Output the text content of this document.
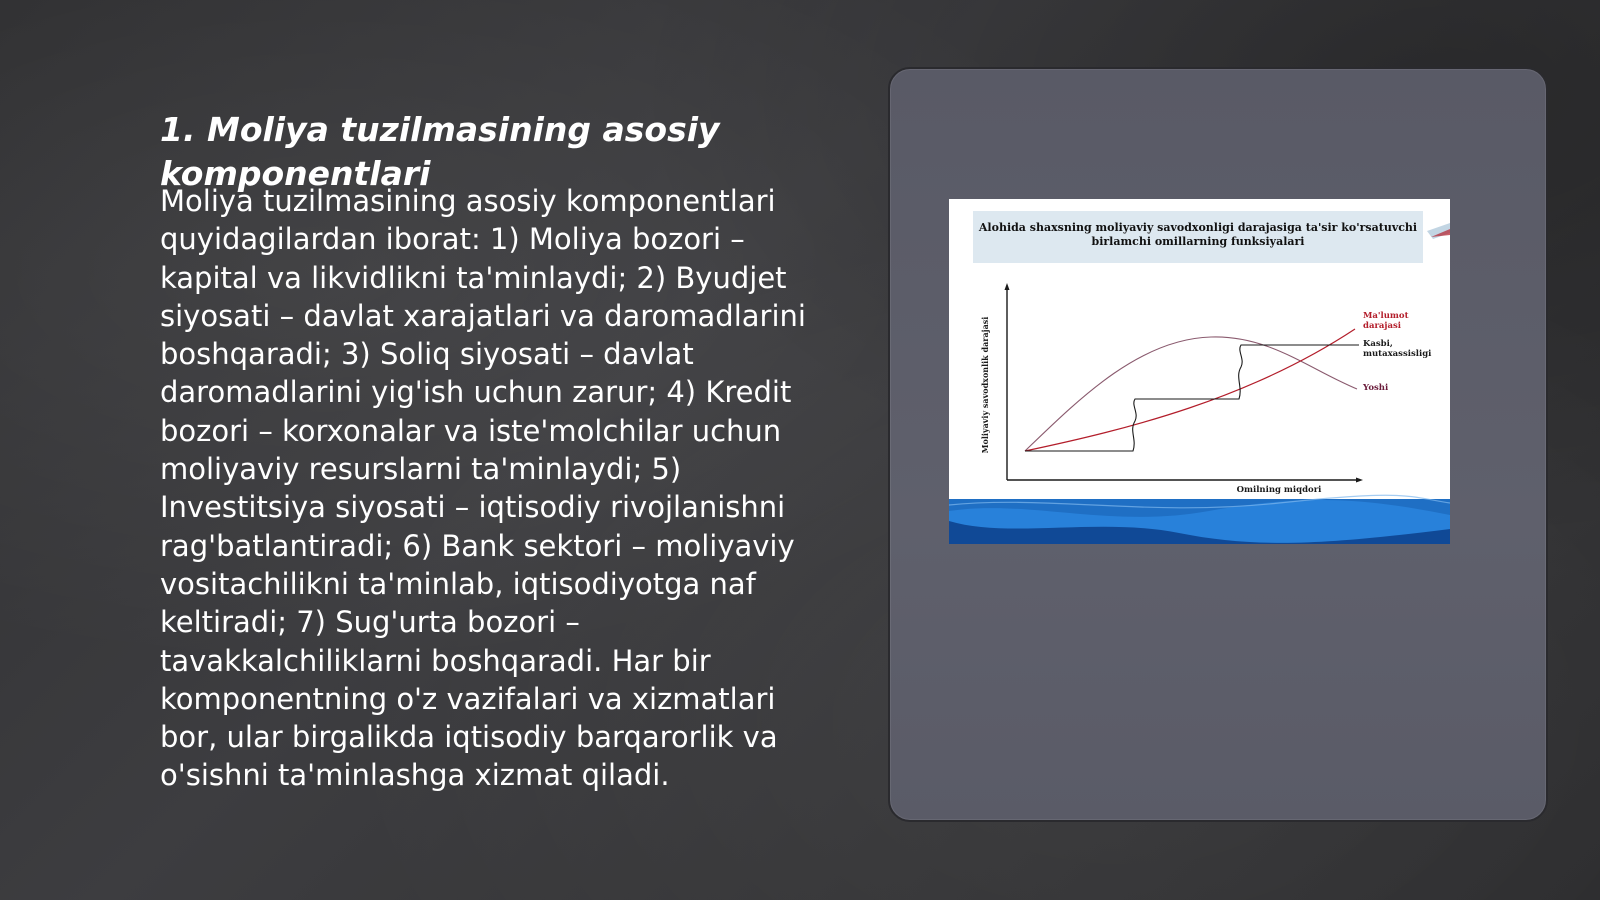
1. Moliya tuzilmasining asosiy komponentlari

Moliya tuzilmasining asosiy komponentlari quyidagilardan iborat: 1) Moliya bozori – kapital va likvidlikni ta'minlaydi; 2) Byudjet siyosati – davlat xarajatlari va daromadlarini boshqaradi; 3) Soliq siyosati – davlat daromadlarini yig'ish uchun zarur; 4) Kredit bozori – korxonalar va iste'molchilar uchun moliyaviy resurslarni ta'minlaydi; 5) Investitsiya siyosati – iqtisodiy rivojlanishni rag'batlantiradi; 6) Bank sektori – moliyaviy vositachilikni ta'minlab, iqtisodiyotga naf keltiradi; 7) Sug'urta bozori – tavakkalchiliklarni boshqaradi. Har bir komponentning o'z vazifalari va xizmatlari bor, ular birgalikda iqtisodiy barqarorlik va o'sishni ta'minlashga xizmat qiladi.

Alohida shaxsning moliyaviy savodxonligi darajasiga ta'sir ko'rsatuvchi birlamchi omillarning funksiyalari
Moliyaviy savodxonlik darajasi
Ma'lumot darajasi
Kasbi, mutaxassisligi
Yoshi
Omilning miqdori
